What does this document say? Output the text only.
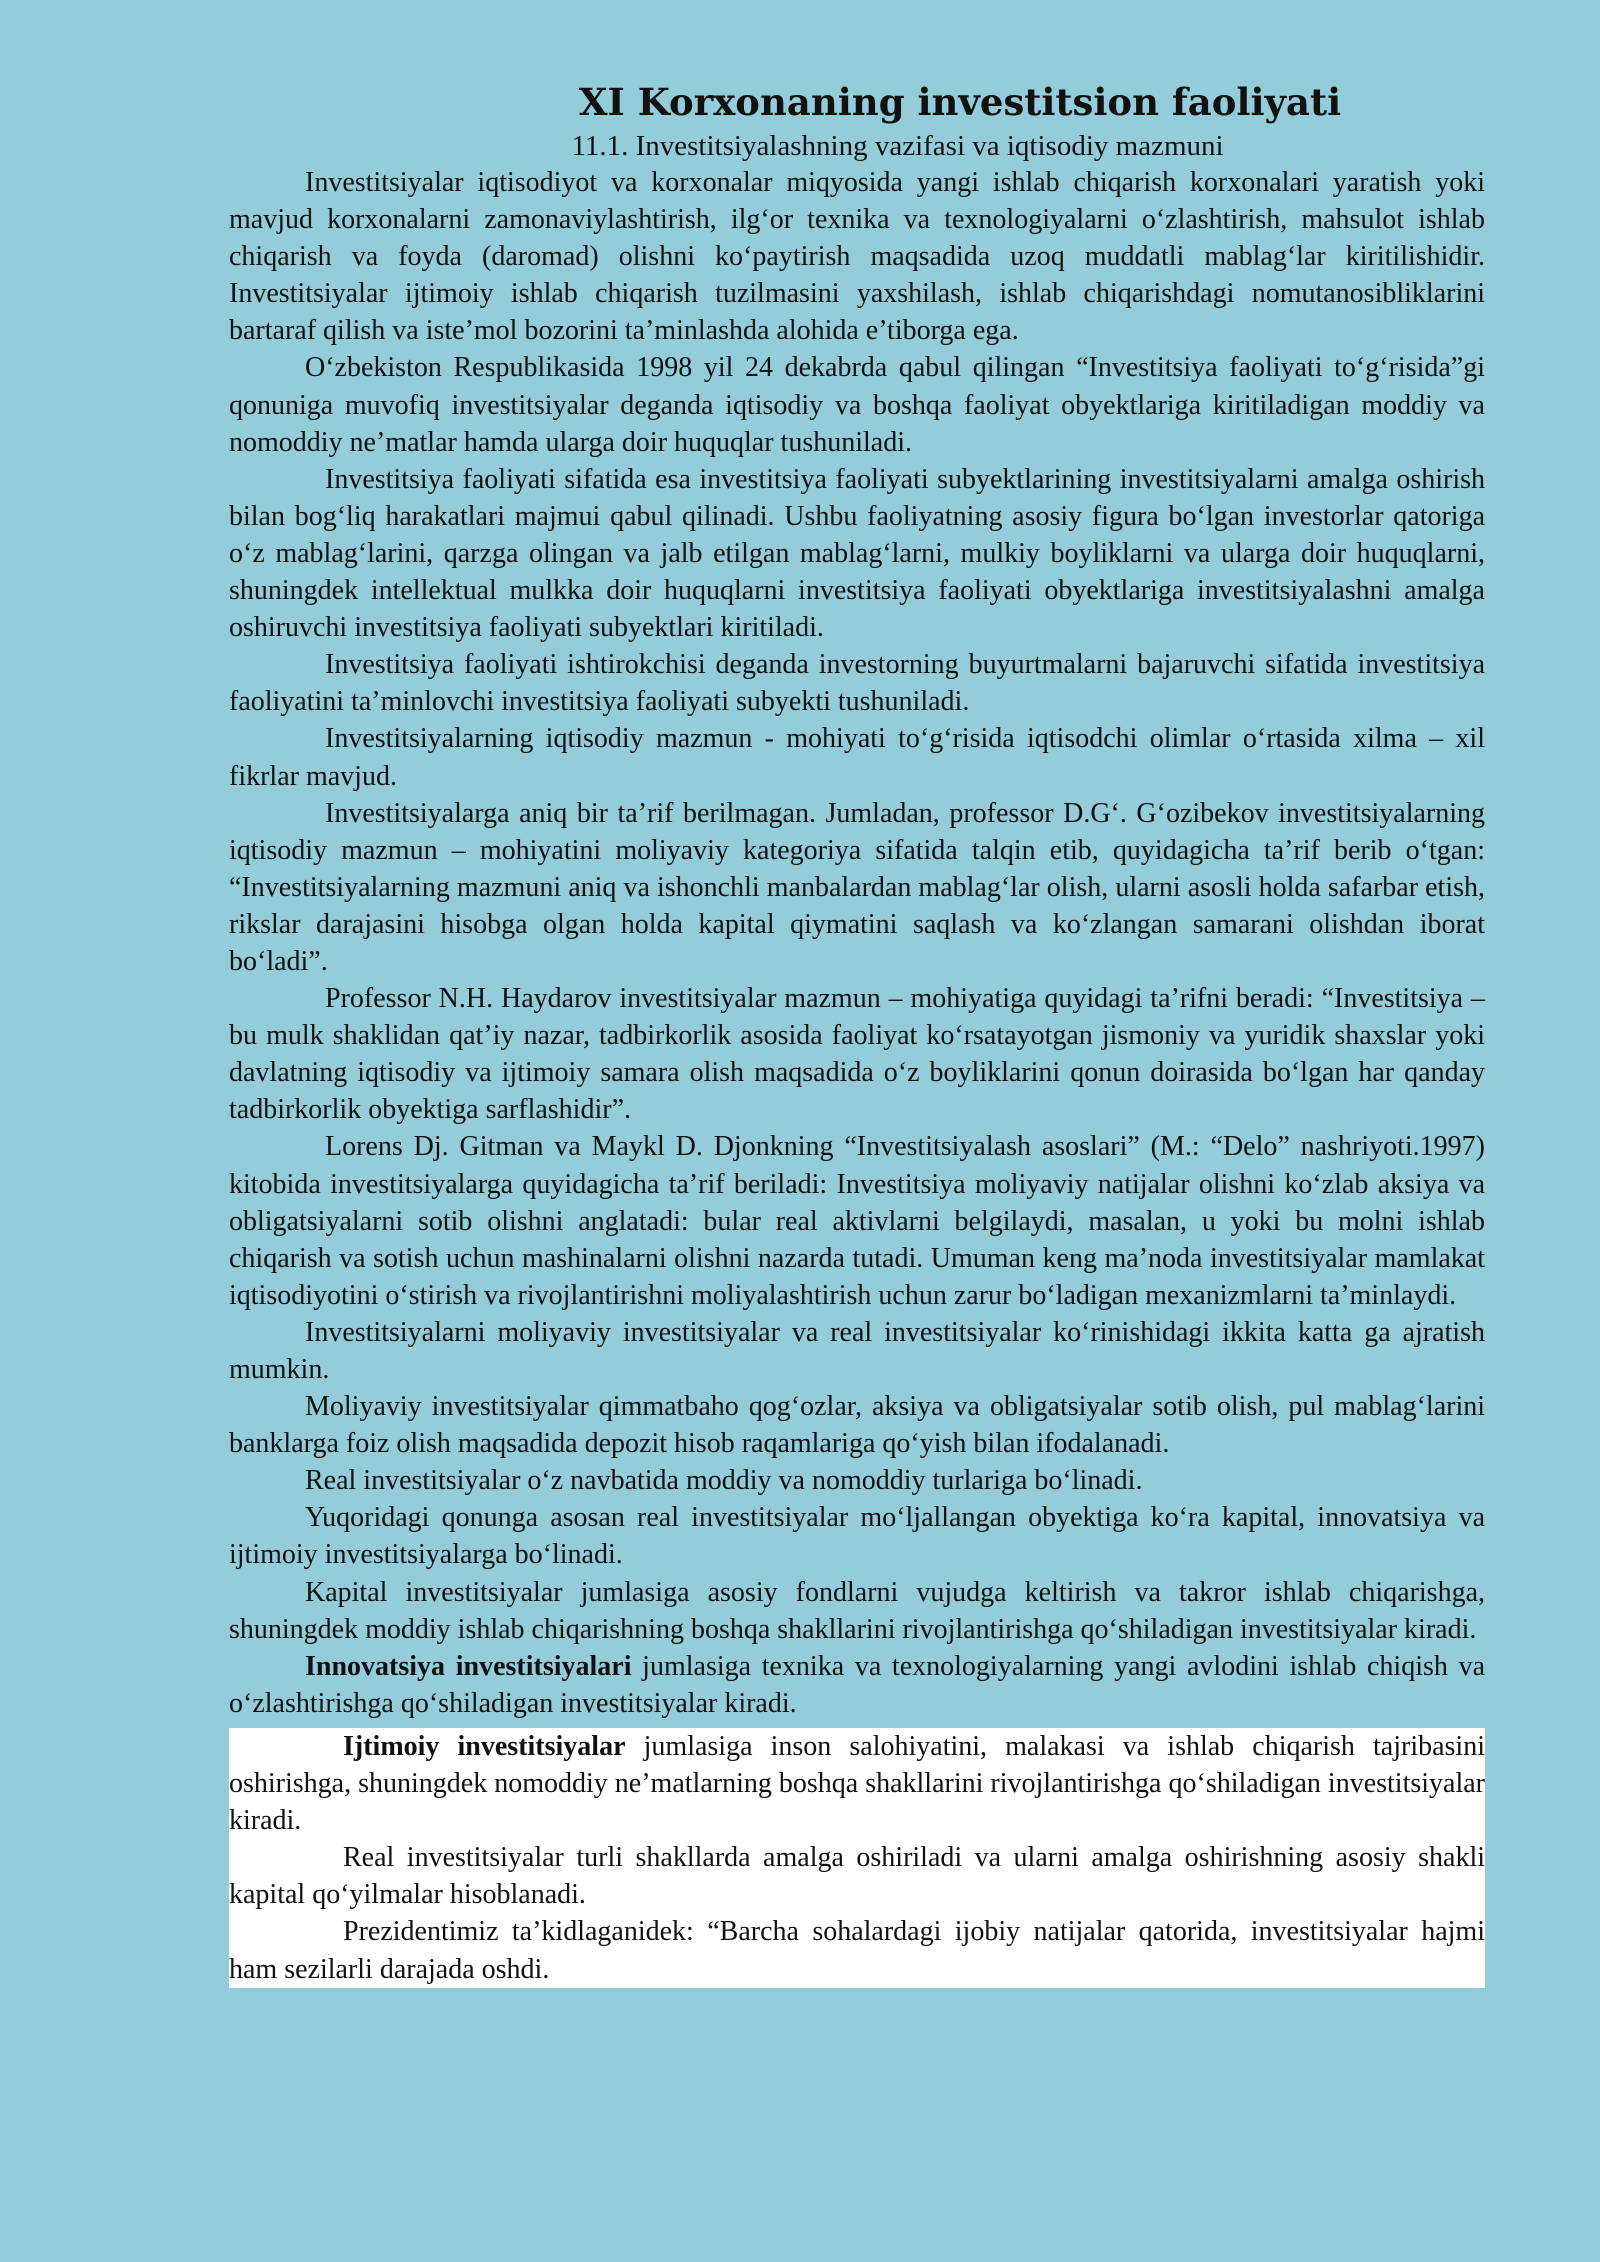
XI Korxonaning investitsion faoliyati
11.1. Investitsiyalashning vazifasi va iqtisodiy mazmuni

Investitsiyalar iqtisodiyot va korxonalar miqyosida yangi ishlab chiqarish korxonalari yaratish yoki mavjud korxonalarni zamonaviylashtirish, ilg‘or texnika va texnologiyalarni o‘zlashtirish, mahsulot ishlab chiqarish va foyda (daromad) olishni ko‘paytirish maqsadida uzoq muddatli mablag‘lar kiritilishidir. Investitsiyalar ijtimoiy ishlab chiqarish tuzilmasini yaxshilash, ishlab chiqarishdagi nomutanosibliklarini bartaraf qilish va iste’mol bozorini ta’minlashda alohida e’tiborga ega.

O‘zbekiston Respublikasida 1998 yil 24 dekabrda qabul qilingan “Investitsiya faoliyati to‘g‘risida”gi qonuniga muvofiq investitsiyalar deganda iqtisodiy va boshqa faoliyat obyektlariga kiritiladigan moddiy va nomoddiy ne’matlar hamda ularga doir huquqlar tushuniladi.

Investitsiya faoliyati sifatida esa investitsiya faoliyati subyektlarining investitsiyalarni amalga oshirish bilan bog‘liq harakatlari majmui qabul qilinadi. Ushbu faoliyatning asosiy figura bo‘lgan investorlar qatoriga o‘z mablag‘larini, qarzga olingan va jalb etilgan mablag‘larni, mulkiy boyliklarni va ularga doir huquqlarni, shuningdek intellektual mulkka doir huquqlarni investitsiya faoliyati obyektlariga investitsiyalashni amalga oshiruvchi investitsiya faoliyati subyektlari kiritiladi.

Investitsiya faoliyati ishtirokchisi deganda investorning buyurtmalarni bajaruvchi sifatida investitsiya faoliyatini ta’minlovchi investitsiya faoliyati subyekti tushuniladi.

Investitsiyalarning iqtisodiy mazmun - mohiyati to‘g‘risida iqtisodchi olimlar o‘rtasida xilma – xil fikrlar mavjud.

Investitsiyalarga aniq bir ta’rif berilmagan. Jumladan, professor D.G‘. G‘ozibekov investitsiyalarning iqtisodiy mazmun – mohiyatini moliyaviy kategoriya sifatida talqin etib, quyidagicha ta’rif berib o‘tgan: “Investitsiyalarning mazmuni aniq va ishonchli manbalardan mablag‘lar olish, ularni asosli holda safarbar etish, rikslar darajasini hisobga olgan holda kapital qiymatini saqlash va ko‘zlangan samarani olishdan iborat bo‘ladi”.

Professor N.H. Haydarov investitsiyalar mazmun – mohiyatiga quyidagi ta’rifni beradi: “Investitsiya – bu mulk shaklidan qat’iy nazar, tadbirkorlik asosida faoliyat ko‘rsatayotgan jismoniy va yuridik shaxslar yoki davlatning iqtisodiy va ijtimoiy samara olish maqsadida o‘z boyliklarini qonun doirasida bo‘lgan har qanday tadbirkorlik obyektiga sarflashidir”.

Lorens Dj. Gitman va Maykl D. Djonkning “Investitsiyalash asoslari” (M.: “Delo” nashriyoti.1997) kitobida investitsiyalarga quyidagicha ta’rif beriladi: Investitsiya moliyaviy natijalar olishni ko‘zlab aksiya va obligatsiyalarni sotib olishni anglatadi: bular real aktivlarni belgilaydi, masalan, u yoki bu molni ishlab chiqarish va sotish uchun mashinalarni olishni nazarda tutadi. Umuman keng ma’noda investitsiyalar mamlakat iqtisodiyotini o‘stirish va rivojlantirishni moliyalashtirish uchun zarur bo‘ladigan mexanizmlarni ta’minlaydi.

Investitsiyalarni moliyaviy investitsiyalar va real investitsiyalar ko‘rinishidagi ikkita katta ga ajratish mumkin.

Moliyaviy investitsiyalar qimmatbaho qog‘ozlar, aksiya va obligatsiyalar sotib olish, pul mablag‘larini banklarga foiz olish maqsadida depozit hisob raqamlariga qo‘yish bilan ifodalanadi.

Real investitsiyalar o‘z navbatida moddiy va nomoddiy turlariga bo‘linadi.

Yuqoridagi qonunga asosan real investitsiyalar mo‘ljallangan obyektiga ko‘ra kapital, innovatsiya va ijtimoiy investitsiyalarga bo‘linadi.

Kapital investitsiyalar jumlasiga asosiy fondlarni vujudga keltirish va takror ishlab chiqarishga, shuningdek moddiy ishlab chiqarishning boshqa shakllarini rivojlantirishga qo‘shiladigan investitsiyalar kiradi.

Innovatsiya investitsiyalari jumlasiga texnika va texnologiyalarning yangi avlodini ishlab chiqish va o‘zlashtirishga qo‘shiladigan investitsiyalar kiradi.

Ijtimoiy investitsiyalar jumlasiga inson salohiyatini, malakasi va ishlab chiqarish tajribasini oshirishga, shuningdek nomoddiy ne’matlarning boshqa shakllarini rivojlantirishga qo‘shiladigan investitsiyalar kiradi.

Real investitsiyalar turli shakllarda amalga oshiriladi va ularni amalga oshirishning asosiy shakli kapital qo‘yilmalar hisoblanadi.

Prezidentimiz ta’kidlaganidek: “Barcha sohalardagi ijobiy natijalar qatorida, investitsiyalar hajmi ham sezilarli darajada oshdi.
